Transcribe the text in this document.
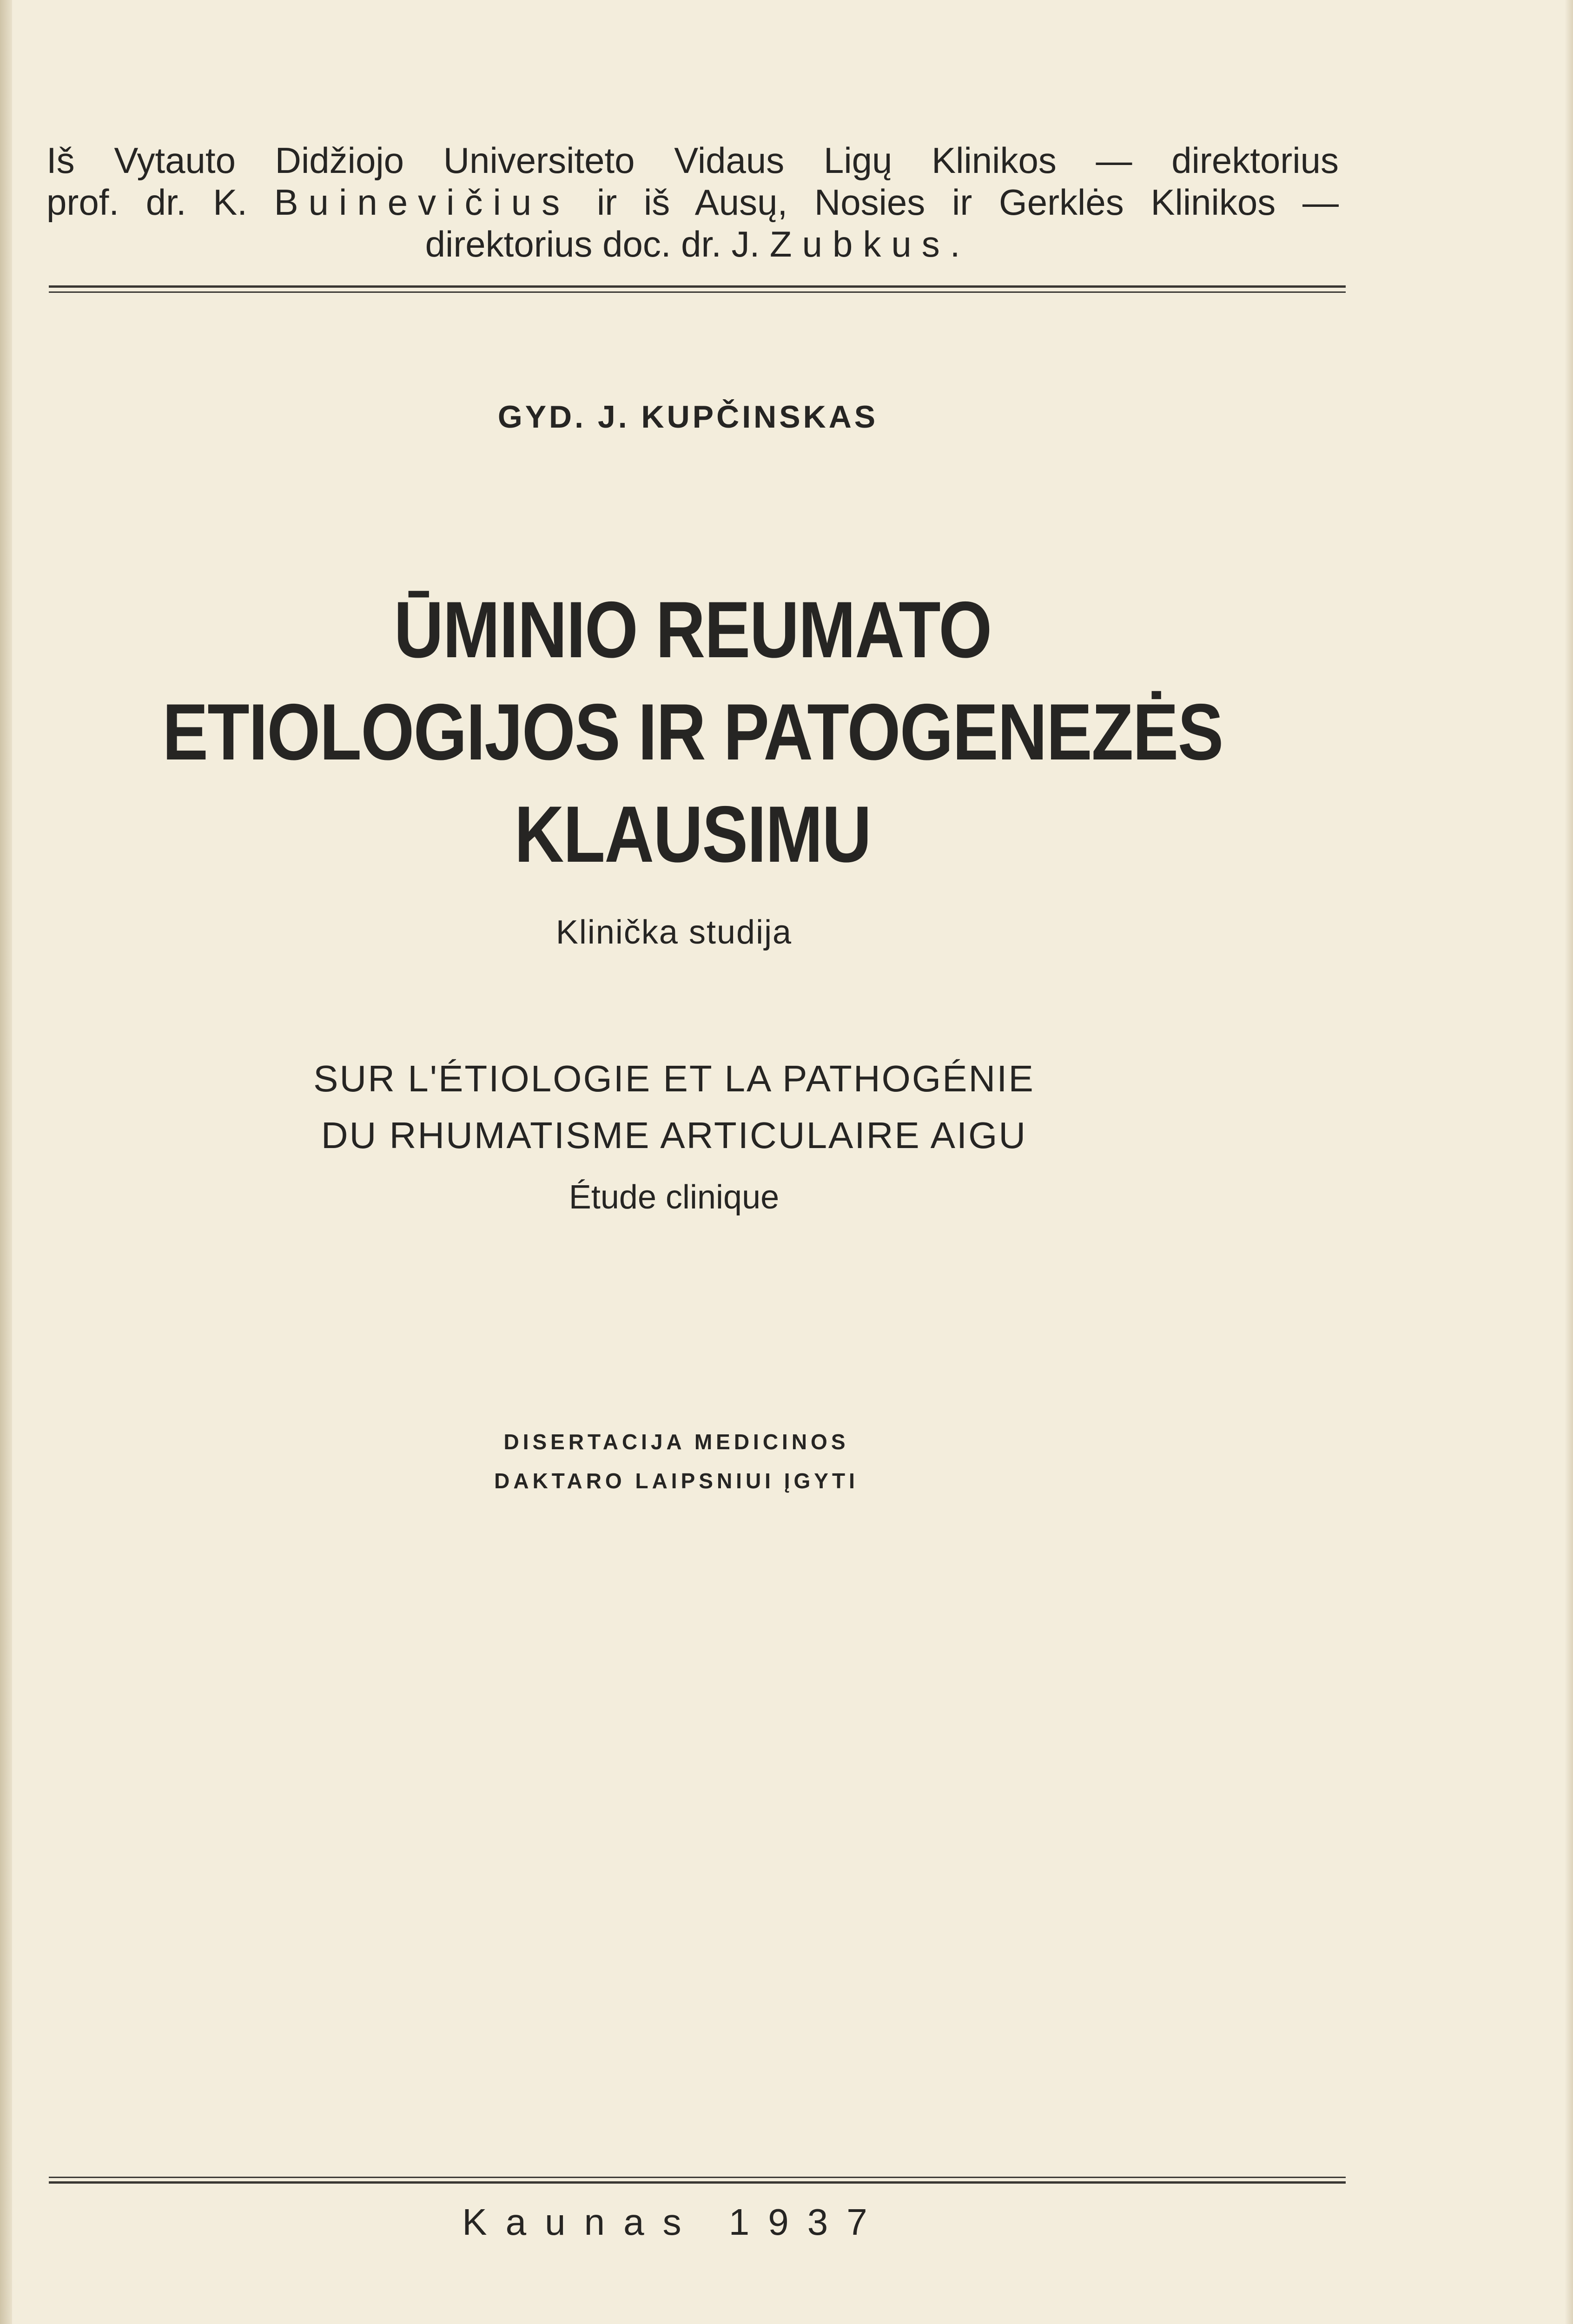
Iš Vytauto Didžiojo Universiteto Vidaus Ligų Klinikos — direktorius
prof. dr. K. Buinevičius ir iš Ausų, Nosies ir Gerklės Klinikos —
direktorius doc. dr. J. Zubkus.
GYD. J. KUPČINSKAS
ŪMINIO REUMATO
ETIOLOGIJOS IR PATOGENEZĖS
KLAUSIMU
Klinička studija
SUR L'ÉTIOLOGIE ET LA PATHOGÉNIE
DU RHUMATISME ARTICULAIRE AIGU
Étude clinique
DISERTACIJA MEDICINOS
DAKTARO LAIPSNIUI ĮGYTI
Kaunas 1937
